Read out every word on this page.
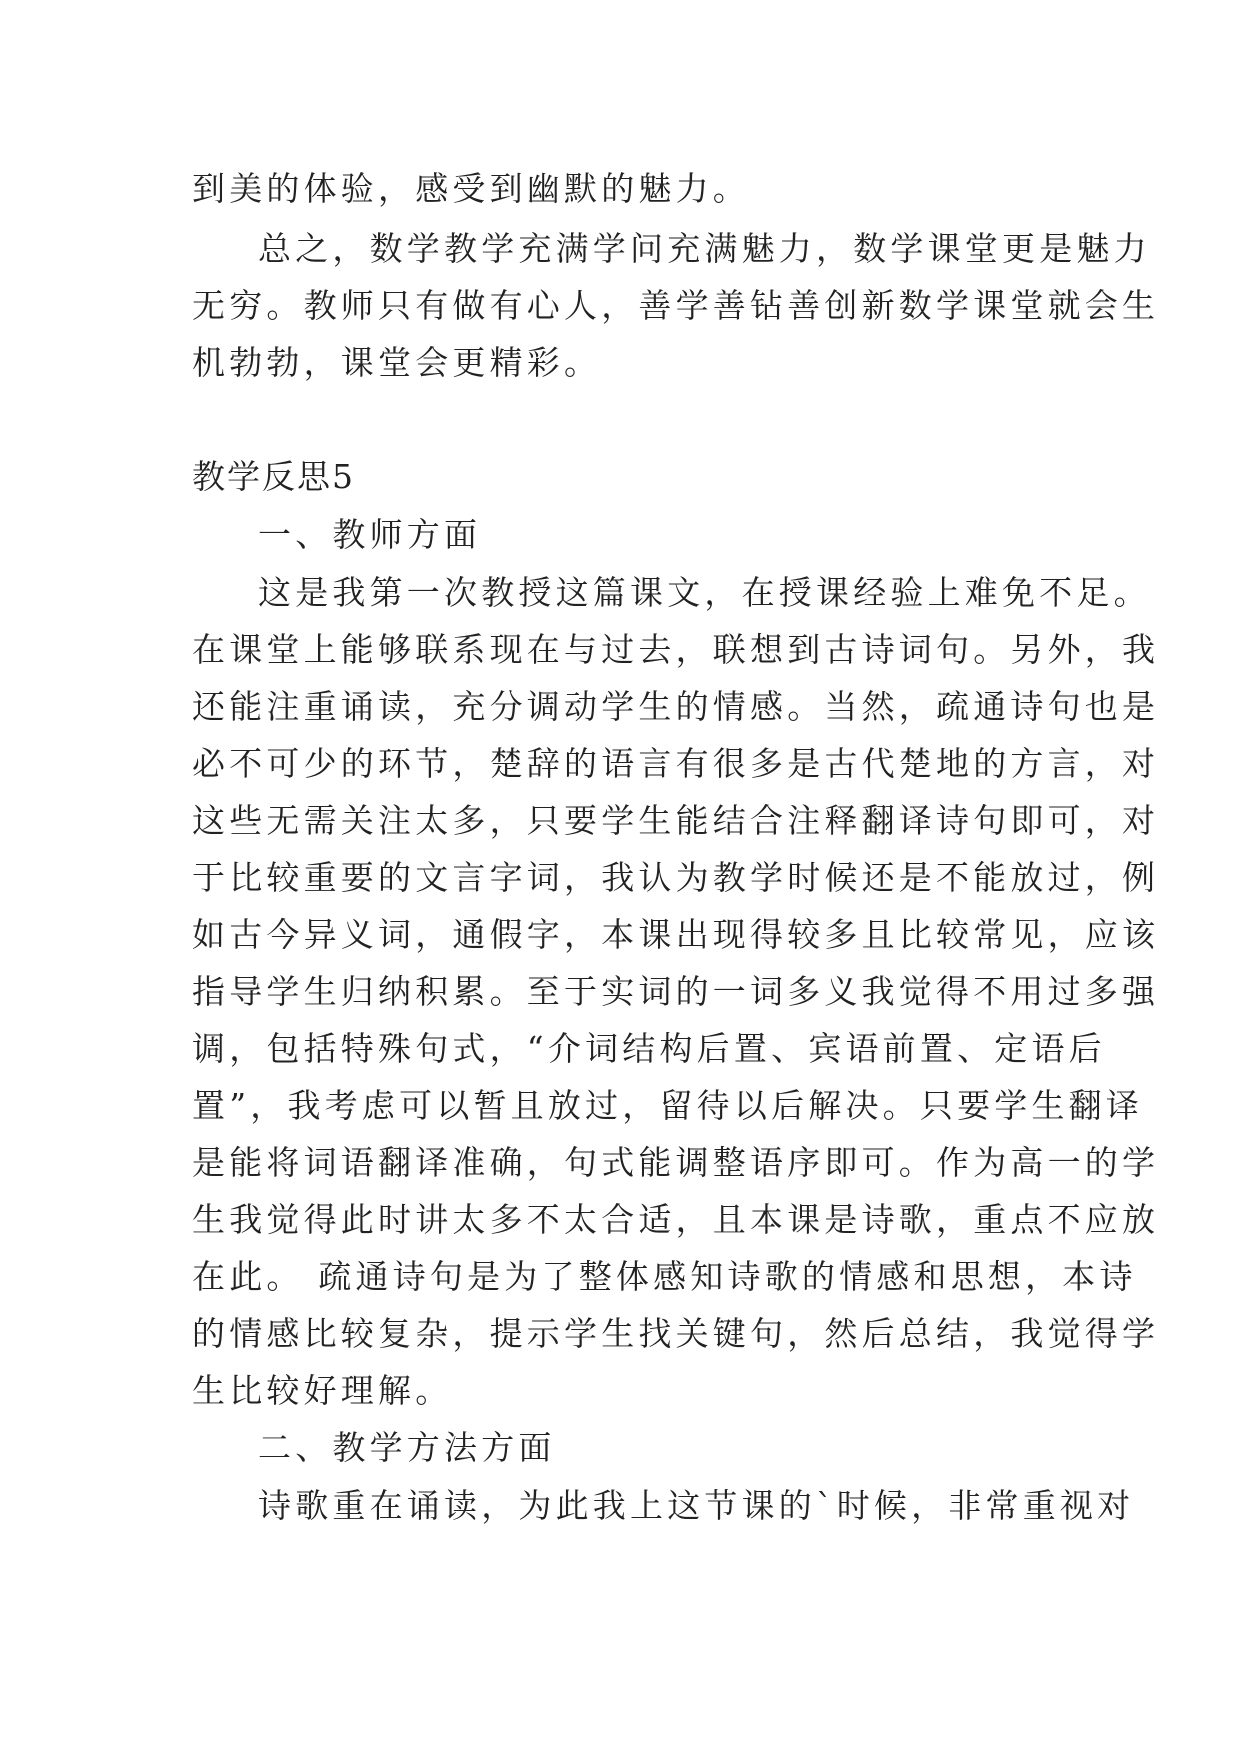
到美的体验，感受到幽默的魅力。
总之，数学教学充满学问充满魅力，数学课堂更是魅力
无穷。教师只有做有心人，善学善钻善创新数学课堂就会生
机勃勃，课堂会更精彩。
教学反思5
一、教师方面
这是我第一次教授这篇课文，在授课经验上难免不足。
在课堂上能够联系现在与过去，联想到古诗词句。另外，我
还能注重诵读，充分调动学生的情感。当然，疏通诗句也是
必不可少的环节，楚辞的语言有很多是古代楚地的方言，对
这些无需关注太多，只要学生能结合注释翻译诗句即可，对
于比较重要的文言字词，我认为教学时候还是不能放过，例
如古今异义词，通假字，本课出现得较多且比较常见，应该
指导学生归纳积累。至于实词的一词多义我觉得不用过多强
调，包括特殊句式，“介词结构后置、宾语前置、定语后
置”，我考虑可以暂且放过，留待以后解决。只要学生翻译
是能将词语翻译准确，句式能调整语序即可。作为高一的学
生我觉得此时讲太多不太合适，且本课是诗歌，重点不应放
在此。 疏通诗句是为了整体感知诗歌的情感和思想，本诗
的情感比较复杂，提示学生找关键句，然后总结，我觉得学
生比较好理解。
二、教学方法方面
诗歌重在诵读，为此我上这节课的`时候，非常重视对
